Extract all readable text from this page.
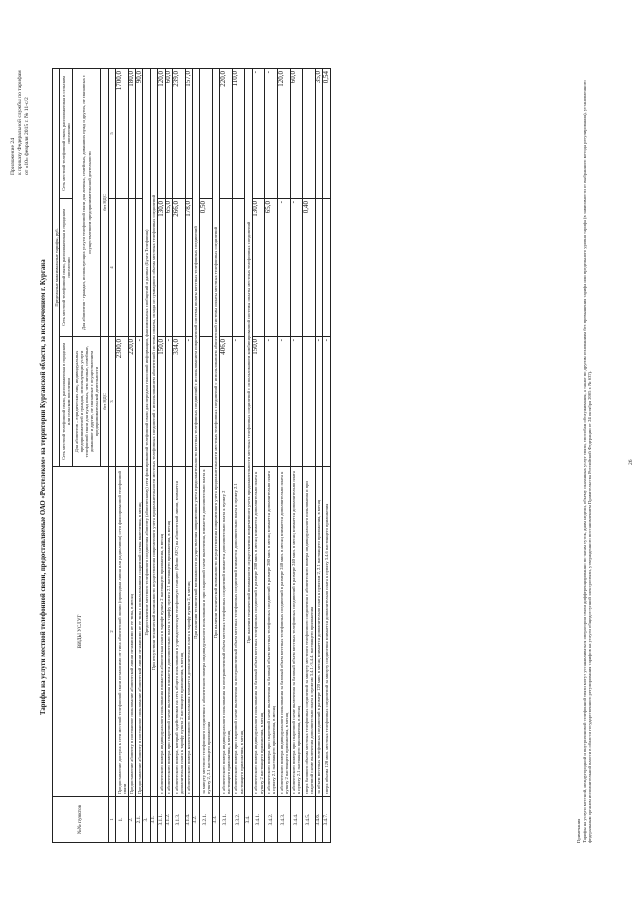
Приложение 24 к приказу Федеральной службы по тарифам от «10» февраля 2015 г. № 11-с/2
Тарифы на услуги местной телефонной связи, предоставляемые ОАО «Ростелеком» на территории Курганской области, за исключением г. Кургана
№№ пунктов	ВИДЫ УСЛУГ	Предельные максимальные тарифы, руб.		
		Сеть местной телефонной связи, расположенная в городском или сельском поселении	Сеть местной телефонной связи, расположенная в городском поселении	Сеть местной телефонной связи, расположенная в сельском поселении
		Для абонентов – юридических лиц, индивидуальных предпринимателей и граждан, использующих услуги телефонной связи для нужд иных, чем личные, семейные, домашние и другие, не связанные с осуществлением предпринимательской деятельности	Для абонентов - граждан, использующих услуги телефонной связи для личных, семейных, домашних нужд и других, не связанных с осуществлением предпринимательской деятельности	
		без НДС	без НДС	
1	2	3	4	5
1.	Предоставление доступа к сети местной телефонной связи независимо от типа абонентской линии (проводная линия или радиолиния) сети фиксированной телефонной связи	2300,0		1700,0
2.	Предоставление абоненту в постоянное пользование абонентской линии независимо от ее типа, в месяц	220,0		180,0
2.1.	Предоставление абоненту в постоянное пользование абонентской линии независимо от ее типа с использованием спаренной схемы включения, в месяц	-		90,0
3.	Предоставление местного телефонного соединения абоненту (абонентскому) сети фиксированной телефонной связи для передачи голосовой информации, факсимильных сообщений и данных (Бухта Телефония)			
3.1.	При отсутствии технической возможности осуществления повременного учета продолжительности местных телефонных соединений с использованием абонентской системы оплаты, исходя из суммарного объема местных телефонных соединений			
3.1.1.	с абонентского номера индивидуального пользования взимается абонентская плата в тарифе пункта 2 настоящего приложения, в месяц	150,0	130,0	120,0
3.1.2.	с абонентского номера при спаренной схеме включения взимается дополнительно плата к тарифу пункта 2.1 настоящего приложения, в месяц	-	65,0	60,0
3.1.3.	с абонентского номера, который задействован на сеть общего пользования в учрежденческую телефонную станцию (Мини АТС) на абонентской линии, взимается дополнительно плата к тарифу пункта 2 настоящего приложения, в месяц	334,0	266,0	239,0
3.1.4.	с абонентского номера коллективного пользования взимается дополнительно плата к тарифу пункта 2, в месяц	-	178,0	157,0
3.2.	При наличии технической возможности осуществления повременного учета продолжительности местных телефонных соединений с использованием повременной системы оплаты местных телефонных соединений			
3.2.1.	за минуту местного телефонного соединения с абонентского номера индивидуального пользования и при спаренной схеме включения, взимается дополнительно плата к пункту 2, 2.1 настоящего приложения		0,50	
3.3.	При наличии технической возможности осуществления повременного учета продолжительности местных телефонных соединений с использованием абонентской системы оплаты местных телефонных соединений			
3.3.1.	с абонентского номера индивидуального пользования за неограниченный объем местных телефонных соединений взимается дополнительно плата к пункту 2 настоящего приложения, в месяц	406,0		220,0
3.3.2.	с абонентского номера при спаренной схеме включения за неограниченный объем местных телефонных соединений взимается дополнительно плата к пункту 2.1 настоящего приложения, в месяц	-		110,0
3.4.	При наличии технической возможности осуществления повременного учета продолжительности местных телефонных соединений с использованием комбинированной системы оплаты местных телефонных соединений			
3.4.1.	с абонентского номера индивидуального пользования за базовый объем местных телефонных соединений в размере 280 мин. в месяц взимается дополнительно плата к пункту 2 настоящего приложения, в месяц	150,0	130,0	-
3.4.2.	с абонентского номера при спаренной схеме включения за базовый объем местных телефонных соединений в размере 280 мин. в месяц взимается дополнительно плата к пункту 2.1 настоящего приложения, в месяц	-	65,0	-
3.4.3.	с абонентского номера индивидуального пользования за базовый объем местных телефонных соединений в размере 240 мин. в месяц взимается дополнительно плата к пункту 2 настоящего приложения, в месяц	-	-	120,0
3.4.4.	с абонентского номера при спаренной схеме включения за базовый объем местных телефонных соединений в размере 240 мин. в месяц взимается дополнительно плата к пункту 2.1 настоящего приложения, в месяц	-	-	60,0
3.4.5.	сверх базового объема местных телефонных соединений за минуту местного телефонного соединения с абонентского номера индивидуального пользования и при спаренной схеме включения дополнительно плата к пунктам 3.4.1.-3.4.4. настоящего приложения		0,40	
3.4.6.	за объем местных телефонных соединений в размере 120 мин. в месяц взимается дополнительно плата к пунктам 2, 2.1 настоящего приложения, в месяц	-		35,0
3.4.7.	сверх объема 120 мин. местных телефонных соединений за минуту соединения взимается дополнительно плата к пункту 3.4.6 настоящего приложения	-		0,54
Примечания Тарифы на услуги местной, междугородной и внутризоновой телефонной связи могут устанавливаться оператором связи дифференцированно по часам суток, дням недели, объему оказанных услуг связи, способам обслуживания, а также по другим основаниям без превышения тарифа или предельного уровня тарифа (в зависимости от выбранного метода регулирования), установленного федеральным органом исполнительной власти в области государственного регулирования тарифов на услуги общедоступной электросвязи, утвержденного постановлением Правительства Российской Федерации от 24 октября 2005 г. № 637).	26
